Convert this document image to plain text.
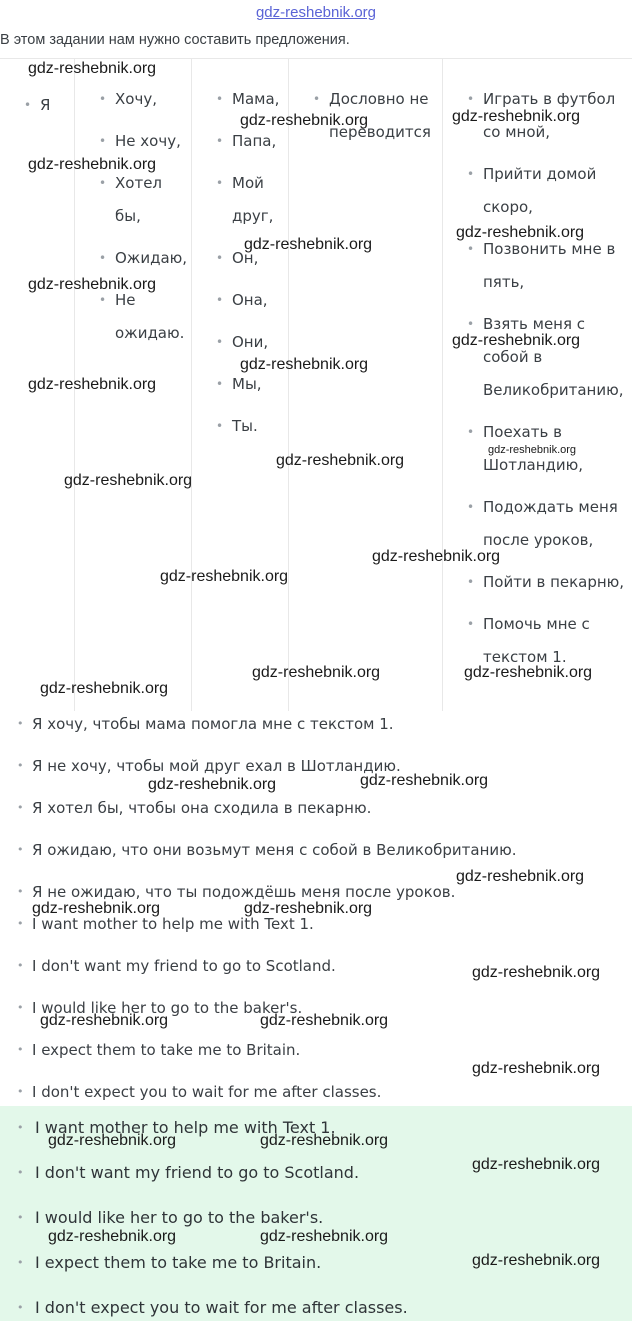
gdz-reshebnik.org
В этом задании нам нужно составить предложения.
• Я	• Хочу,
• Не хочу,
• Хотел бы,
• Ожидаю,
• Не ожидаю.
• Мама,
• Папа,
• Мой друг,
• Он,
• Она,
• Они,
• Мы,
• Ты.
• Дословно не переводится
• Играть в футбол со мной,
• Прийти домой скоро,
• Позвонить мне в пять,
• Взять меня с собой в Великобританию,
• Поехать в Шотландию,
• Подождать меня после уроков,
• Пойти в пекарню,
• Помочь мне с текстом 1.
• Я хочу, чтобы мама помогла мне с текстом 1.
• Я не хочу, чтобы мой друг ехал в Шотландию.
• Я хотел бы, чтобы она сходила в пекарню.
• Я ожидаю, что они возьмут меня с собой в Великобританию.
• Я не ожидаю, что ты подождёшь меня после уроков.
• I want mother to help me with Text 1.
• I don't want my friend to go to Scotland.
• I would like her to go to the baker's.
• I expect them to take me to Britain.
• I don't expect you to wait for me after classes.
• I want mother to help me with Text 1.
• I don't want my friend to go to Scotland.
• I would like her to go to the baker's.
• I expect them to take me to Britain.
• I don't expect you to wait for me after classes.
gdz-reshebnik.org
gdz-reshebnik.org	gdz-reshebnik.org
gdz-reshebnik.org
gdz-reshebnik.org
gdz-reshebnik.org
gdz-reshebnik.org
gdz-reshebnik.org
gdz-reshebnik.org
gdz-reshebnik.org
gdz-reshebnik.org
gdz-reshebnik.org
gdz-reshebnik.org
gdz-reshebnik.org
gdz-reshebnik.org
gdz-reshebnik.org	gdz-reshebnik.org
gdz-reshebnik.org
gdz-reshebnik.org
gdz-reshebnik.org
gdz-reshebnik.org
gdz-reshebnik.org	gdz-reshebnik.org
gdz-reshebnik.org
gdz-reshebnik.org	gdz-reshebnik.org
gdz-reshebnik.org
gdz-reshebnik.org	gdz-reshebnik.org
gdz-reshebnik.org
gdz-reshebnik.org	gdz-reshebnik.org
gdz-reshebnik.org
